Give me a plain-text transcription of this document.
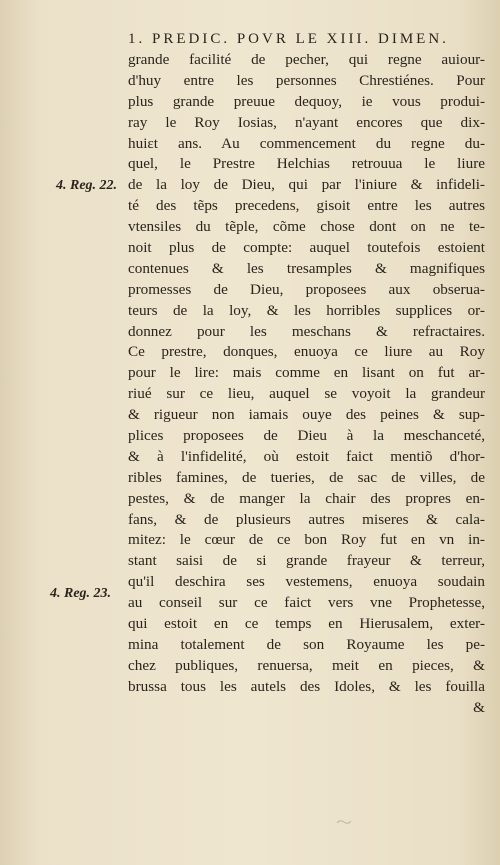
1. PREDIC. POVR LE XIII. DIMEN.
4. Reg. 22.
4. Reg. 23.
grande facilité de pecher, qui regne auiour-
d'huy entre les personnes Chrestiénes. Pour
plus grande preuue dequoy, ie vous produi-
ray le Roy Iosias, n'ayant encores que dix-
huiɛt ans. Au commencement du regne du-
quel, le Prestre Helchias retrouua le liure
de la loy de Dieu, qui par l'iniure & infideli-
té des tẽps precedens, gisoit entre les autres
vtensiles du tẽple, cõme chose dont on ne te-
noit plus de compte: auquel toutefois estoient
contenues & les tresamples & magnifiques
promesses de Dieu, proposees aux obserua-
teurs de la loy, & les horribles supplices or-
donnez pour les meschans & refractaires.
Ce prestre, donques, enuoya ce liure au Roy
pour le lire: mais comme en lisant on fut ar-
riué sur ce lieu, auquel se voyoit la grandeur
& rigueur non iamais ouye des peines & sup-
plices proposees de Dieu à la meschanceté,
& à l'infidelité, où estoit faict mentiõ d'hor-
ribles famines, de tueries, de sac de villes, de
pestes, & de manger la chair des propres en-
fans, & de plusieurs autres miseres & cala-
mitez: le cœur de ce bon Roy fut en vn in-
stant saisi de si grande frayeur & terreur,
qu'il deschira ses vestemens, enuoya soudain
au conseil sur ce faict vers vne Prophetesse,
qui estoit en ce temps en Hierusalem, exter-
mina totalement de son Royaume les pe-
chez publiques, renuersa, meit en pieces, &
brussa tous les autels des Idoles, & les fouilla
&
